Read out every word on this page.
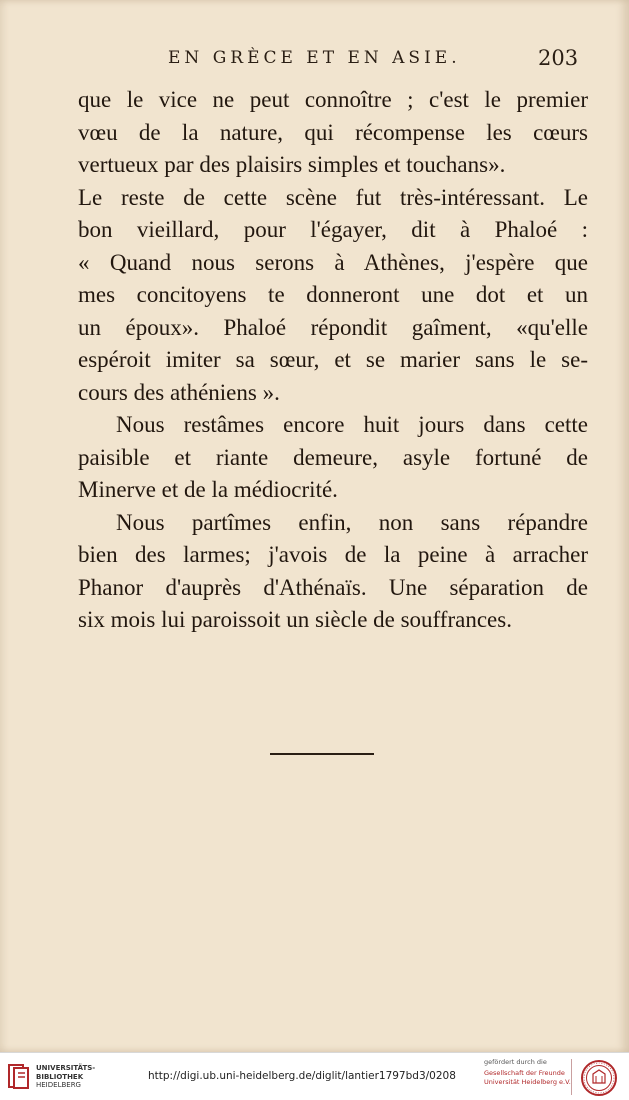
EN GRÈCE ET EN ASIE.	203
que le vice ne peut connoître ; c'est le premier
vœu de la nature, qui récompense les cœurs
vertueux par des plaisirs simples et touchans».
Le reste de cette scène fut très-intéressant. Le
bon vieillard, pour l'égayer, dit à Phaloé :
« Quand nous serons à Athènes, j'espère que
mes concitoyens te donneront une dot et un
un époux». Phaloé répondit gaîment, «qu'elle
espéroit imiter sa sœur, et se marier sans le se-
cours des athéniens ».
Nous restâmes encore huit jours dans cette
paisible et riante demeure, asyle fortuné de
Minerve et de la médiocrité.
Nous partîmes enfin, non sans répandre
bien des larmes; j'avois de la peine à arracher
Phanor d'auprès d'Athénaïs. Une séparation de
six mois lui paroissoit un siècle de souffrances.
UNIVERSITÄTS-
BIBLIOTHEK
HEIDELBERG
http://digi.ub.uni-heidelberg.de/diglit/lantier1797bd3/0208
gefördert durch die
Gesellschaft der Freunde
Universität Heidelberg e.V.
